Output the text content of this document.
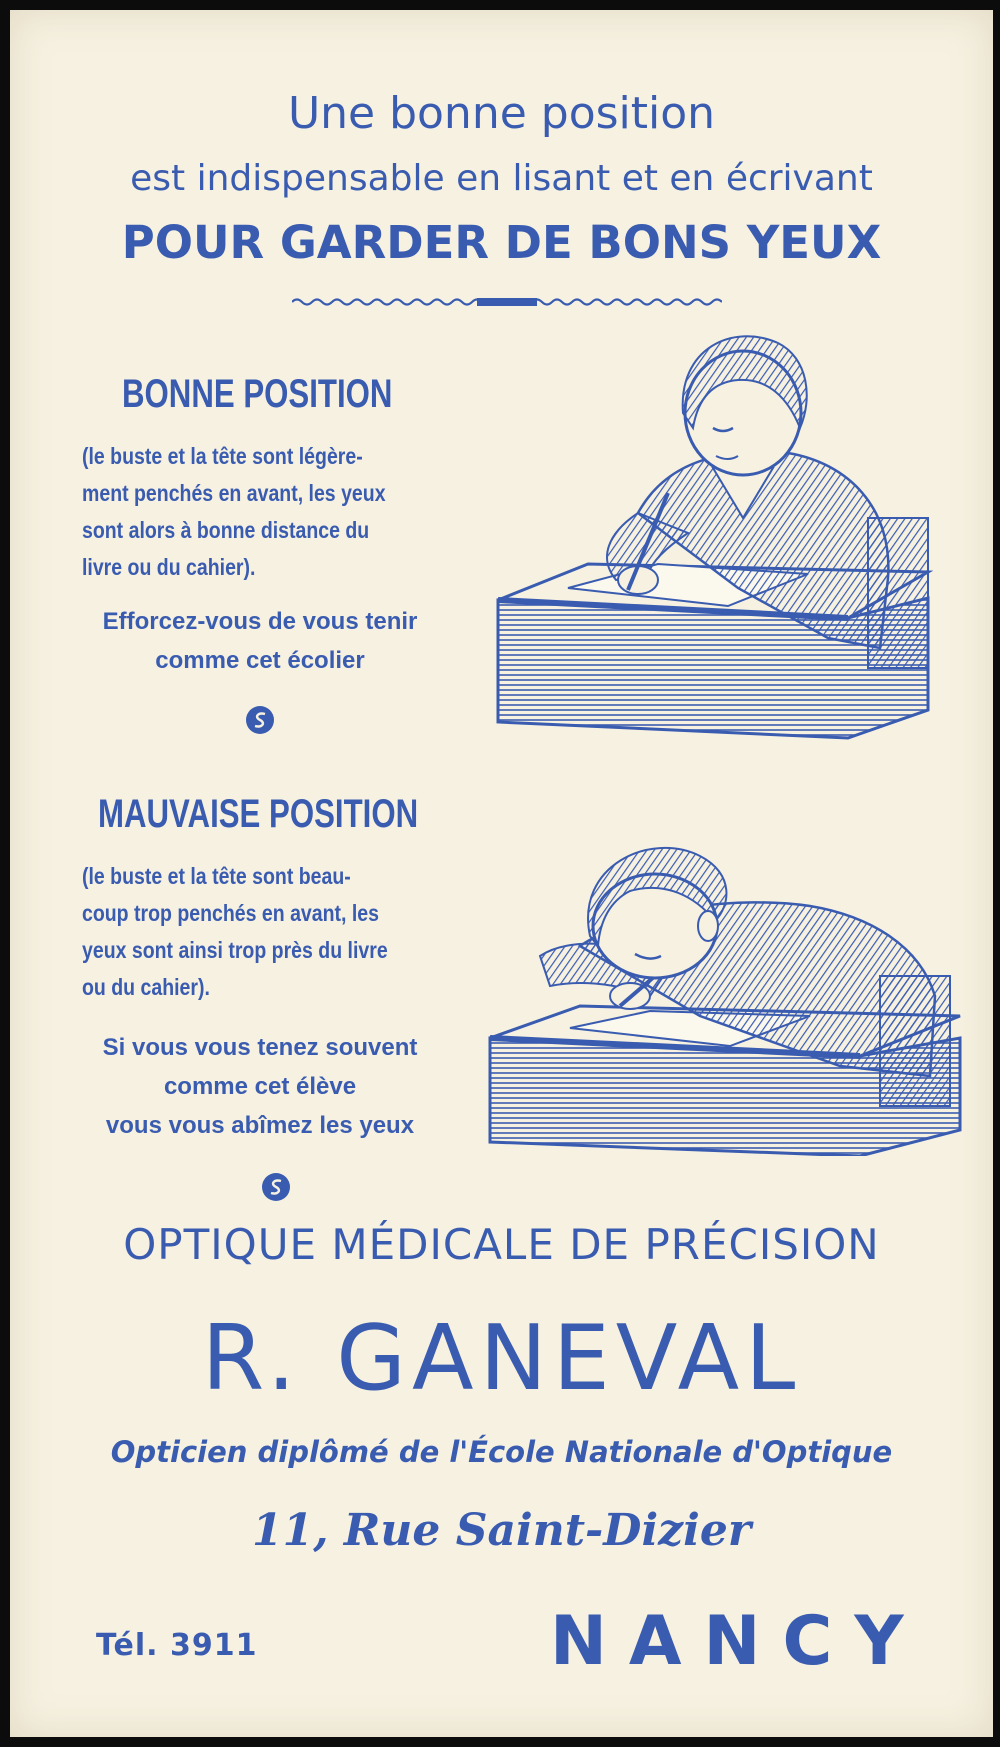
Une bonne position
est indispensable en lisant et en écrivant
POUR GARDER DE BONS YEUX
BONNE POSITION
(le buste et la tête sont légère-
ment penchés en avant, les yeux
sont alors à bonne distance du
livre ou du cahier).
Efforcez-vous de vous tenir
comme cet écolier
MAUVAISE POSITION
(le buste et la tête sont beau-
coup trop penchés en avant, les
yeux sont ainsi trop près du livre
ou du cahier).
Si vous vous tenez souvent
comme cet élève
vous vous abîmez les yeux
OPTIQUE MÉDICALE DE PRÉCISION
R. GANEVAL
Opticien diplômé de l'École Nationale d'Optique
11, Rue Saint-Dizier
Tél. 3911	NANCY
